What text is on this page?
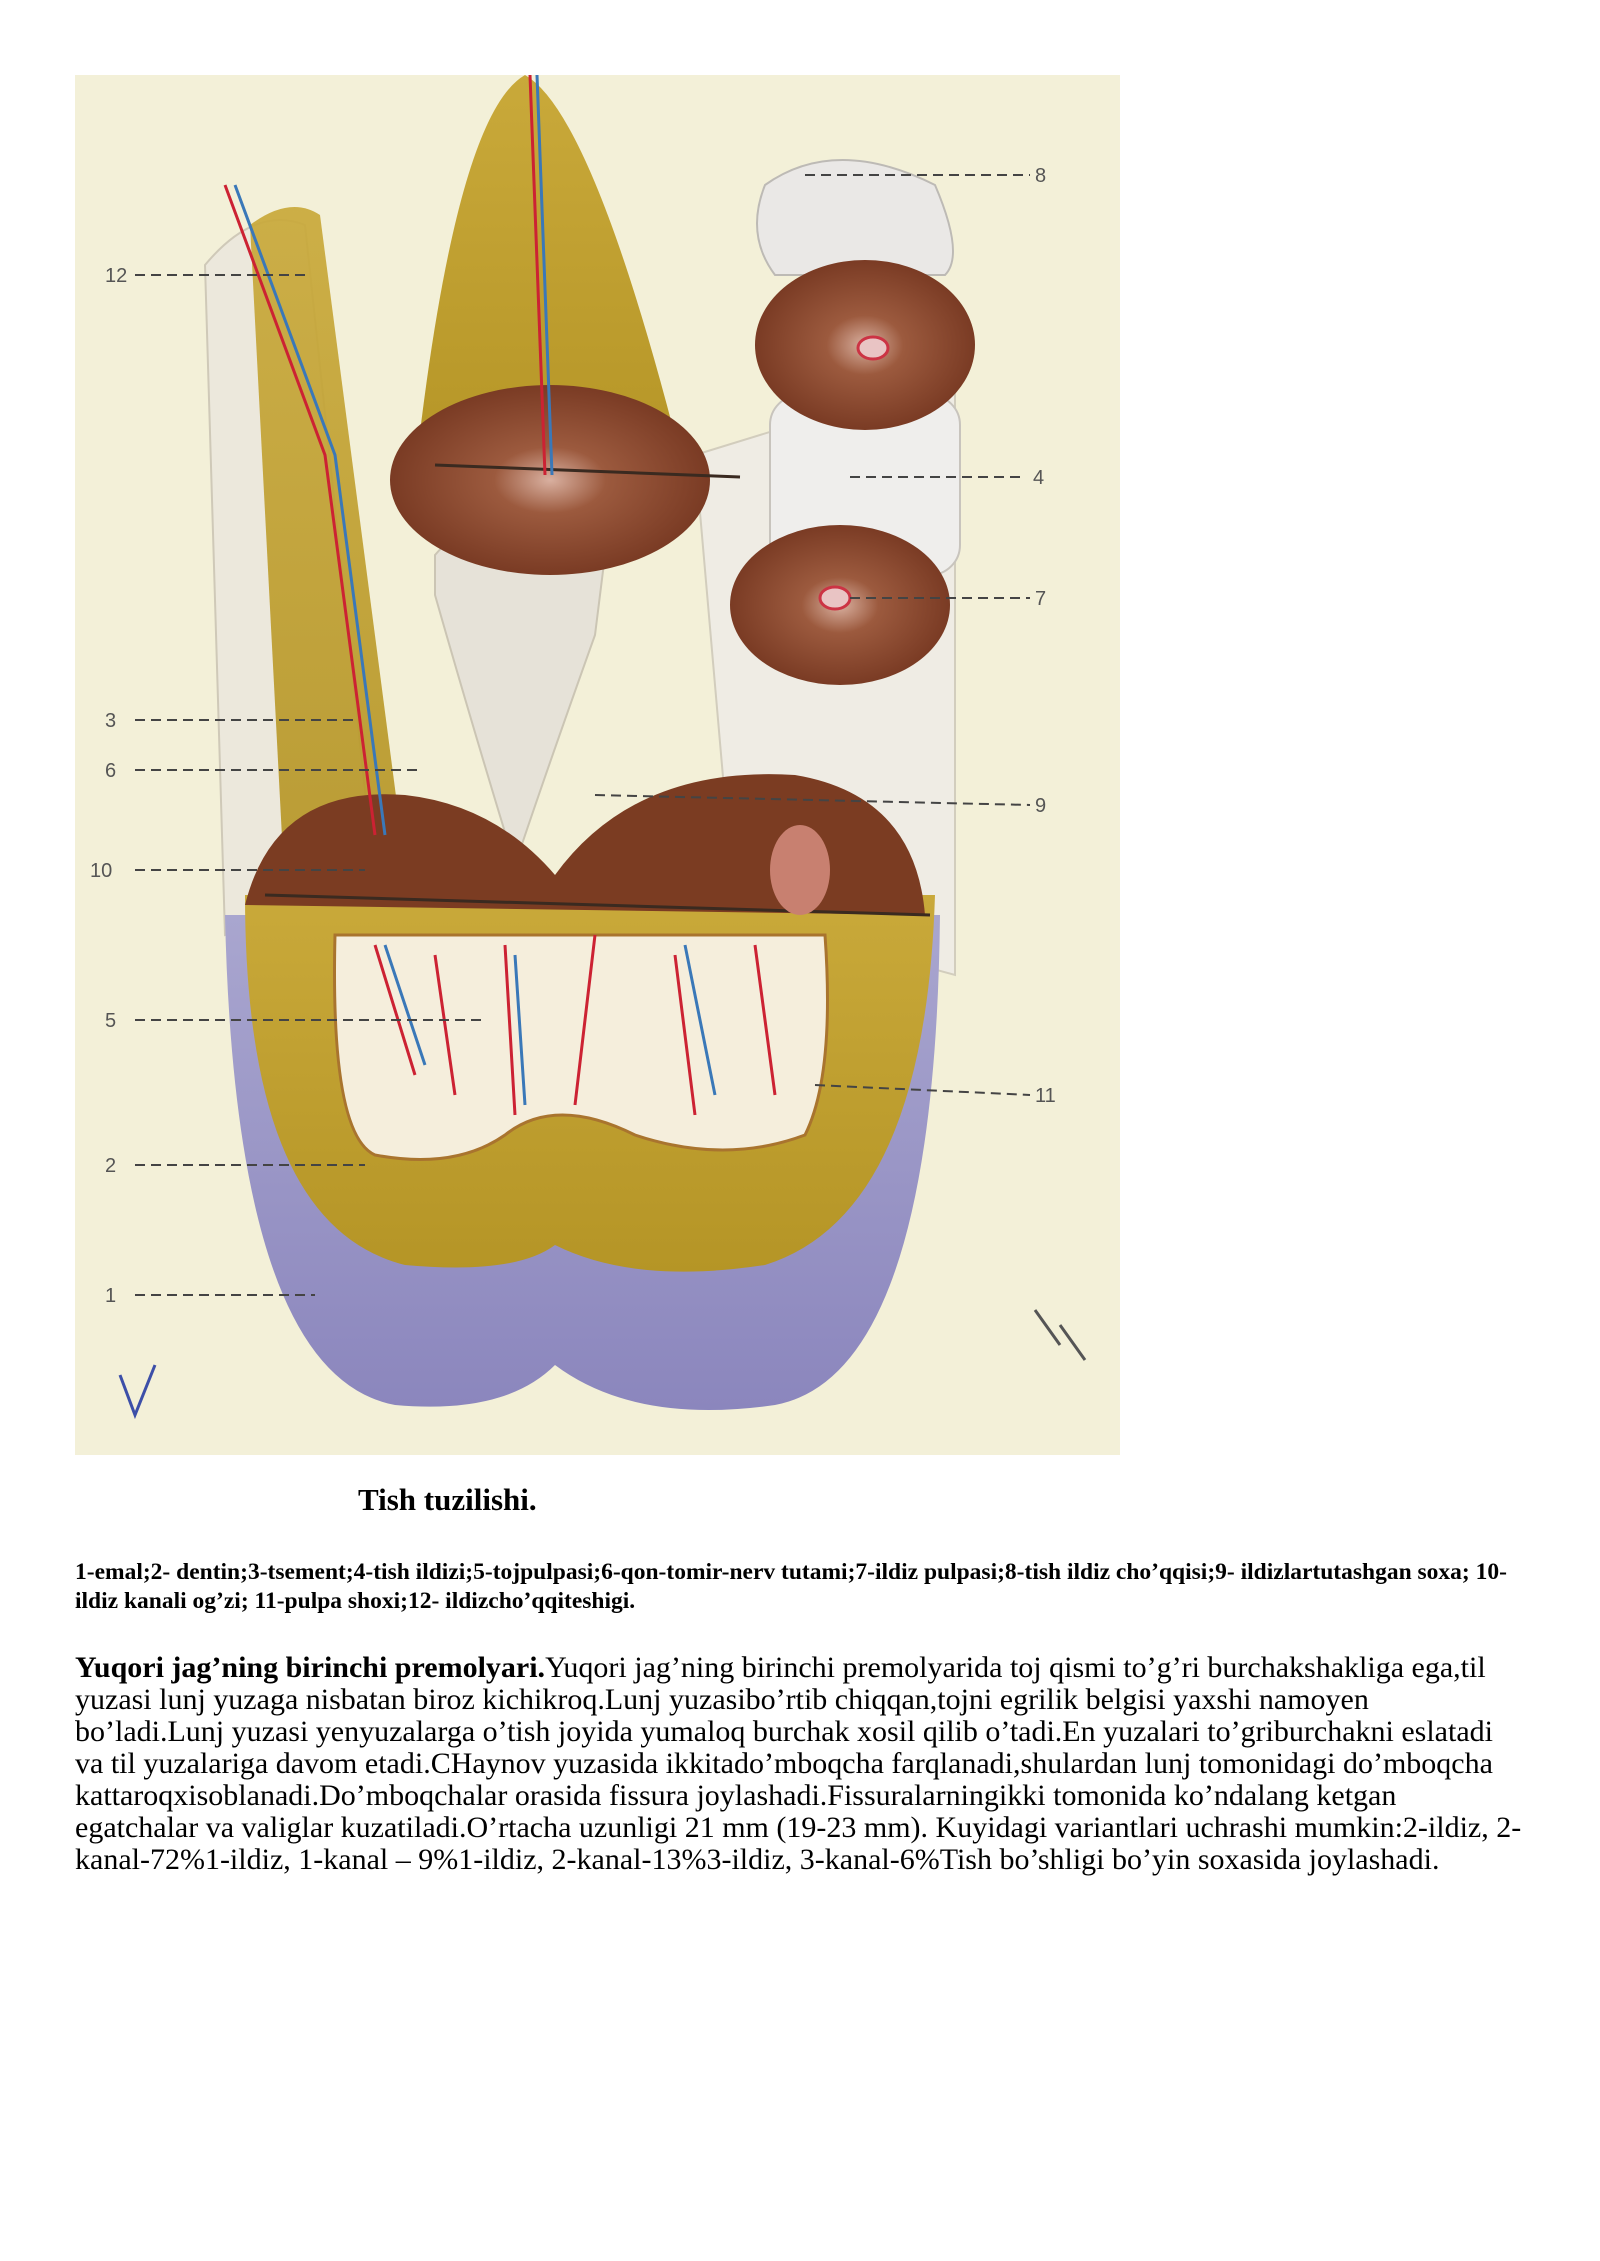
12
8
4
7
3
6
9
10
5
11
2
1
Tish tuzilishi.
1-emal;2- dentin;3-tsement;4-tish ildizi;5-tojpulpasi;6-qon-tomir-nerv tutami;7-ildiz pulpasi;8-tish ildiz cho’qqisi;9- ildizlartutashgan soxa; 10-ildiz kanali og’zi; 11-pulpa shoxi;12- ildizcho’qqiteshigi.
Yuqori jag’ning birinchi premolyari.Yuqori jag’ning birinchi premolyarida toj qismi to’g’ri burchakshakliga ega,til yuzasi lunj yuzaga nisbatan biroz kichikroq.Lunj yuzasibo’rtib chiqqan,tojni egrilik belgisi yaxshi namoyen bo’ladi.Lunj yuzasi yenyuzalarga o’tish joyida yumaloq burchak xosil qilib o’tadi.En yuzalari to’griburchakni eslatadi va til yuzalariga davom etadi.CHaynov yuzasida ikkitado’mboqcha farqlanadi,shulardan lunj tomonidagi do’mboqcha kattaroqxisoblanadi.Do’mboqchalar orasida fissura joylashadi.Fissuralarningikki tomonida ko’ndalang ketgan egatchalar va valiglar kuzatiladi.O’rtacha uzunligi 21 mm (19-23 mm). Kuyidagi variantlari uchrashi mumkin:2-ildiz, 2-kanal-72%1-ildiz, 1-kanal – 9%1-ildiz, 2-kanal-13%3-ildiz, 3-kanal-6%Tish bo’shligi bo’yin soxasida joylashadi.
